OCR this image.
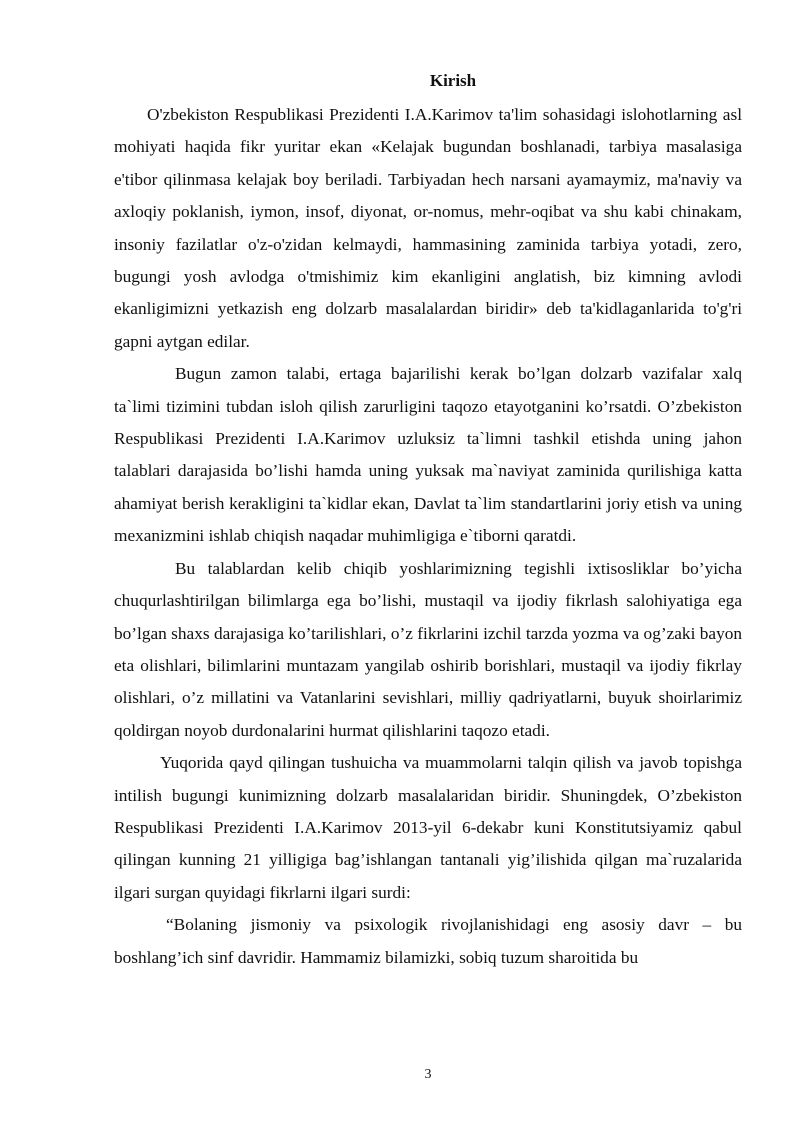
Kirish

O'zbekiston Respublikasi Prezidenti I.A.Karimov ta'lim sohasidagi islohotlarning asl mohiyati haqida fikr yuritar ekan «Kelajak bugundan boshlanadi, tarbiya masalasiga e'tibor qilinmasa kelajak boy beriladi. Tarbiyadan hech narsani ayamaymiz, ma'naviy va axloqiy poklanish, iymon, insof, diyonat, or-nomus, mehr-oqibat va shu kabi chinakam, insoniy fazilatlar o'z-o'zidan kelmaydi, hammasining zaminida tarbiya yotadi, zero, bugungi yosh avlodga o'tmishimiz kim ekanligini anglatish, biz kimning avlodi ekanligimizni yetkazish eng dolzarb masalalardan biridir» deb ta'kidlaganlarida to'g'ri gapni aytgan edilar.

Bugun zamon talabi, ertaga bajarilishi kerak bo’lgan dolzarb vazifalar xalq ta`limi tizimini tubdan isloh qilish zarurligini taqozo etayotganini ko’rsatdi. O’zbekiston Respublikasi Prezidenti I.A.Karimov uzluksiz ta`limni tashkil etishda uning jahon talablari darajasida bo’lishi hamda uning yuksak ma`naviyat zaminida qurilishiga katta ahamiyat berish kerakligini ta`kidlar ekan, Davlat ta`lim standartlarini joriy etish va uning mexanizmini ishlab chiqish naqadar muhimligiga e`tiborni qaratdi.

Bu talablardan kelib chiqib yoshlarimizning tegishli ixtisosliklar bo’yicha chuqurlashtirilgan bilimlarga ega bo’lishi, mustaqil va ijodiy fikrlash salohiyatiga ega bo’lgan shaxs darajasiga ko’tarilishlari, o’z fikrlarini izchil tarzda yozma va og’zaki bayon eta olishlari, bilimlarini muntazam yangilab oshirib borishlari, mustaqil va ijodiy fikrlay olishlari, o’z millatini va Vatanlarini sevishlari, milliy qadriyatlarni, buyuk shoirlarimiz qoldirgan noyob durdonalarini hurmat qilishlarini taqozo etadi.

Yuqorida qayd qilingan tushuicha va muammolarni talqin qilish va javob topishga intilish bugungi kunimizning dolzarb masalalaridan biridir. Shuningdek, O’zbekiston Respublikasi Prezidenti I.A.Karimov 2013-yil 6-dekabr kuni Konstitutsiyamiz qabul qilingan kunning 21 yilligiga bag’ishlangan tantanali yig’ilishida qilgan ma`ruzalarida ilgari surgan quyidagi fikrlarni ilgari surdi:

“Bolaning jismoniy va psixologik rivojlanishidagi eng asosiy davr – bu boshlang’ich sinf davridir. Hammamiz bilamizki, sobiq tuzum sharoitida bu

3
